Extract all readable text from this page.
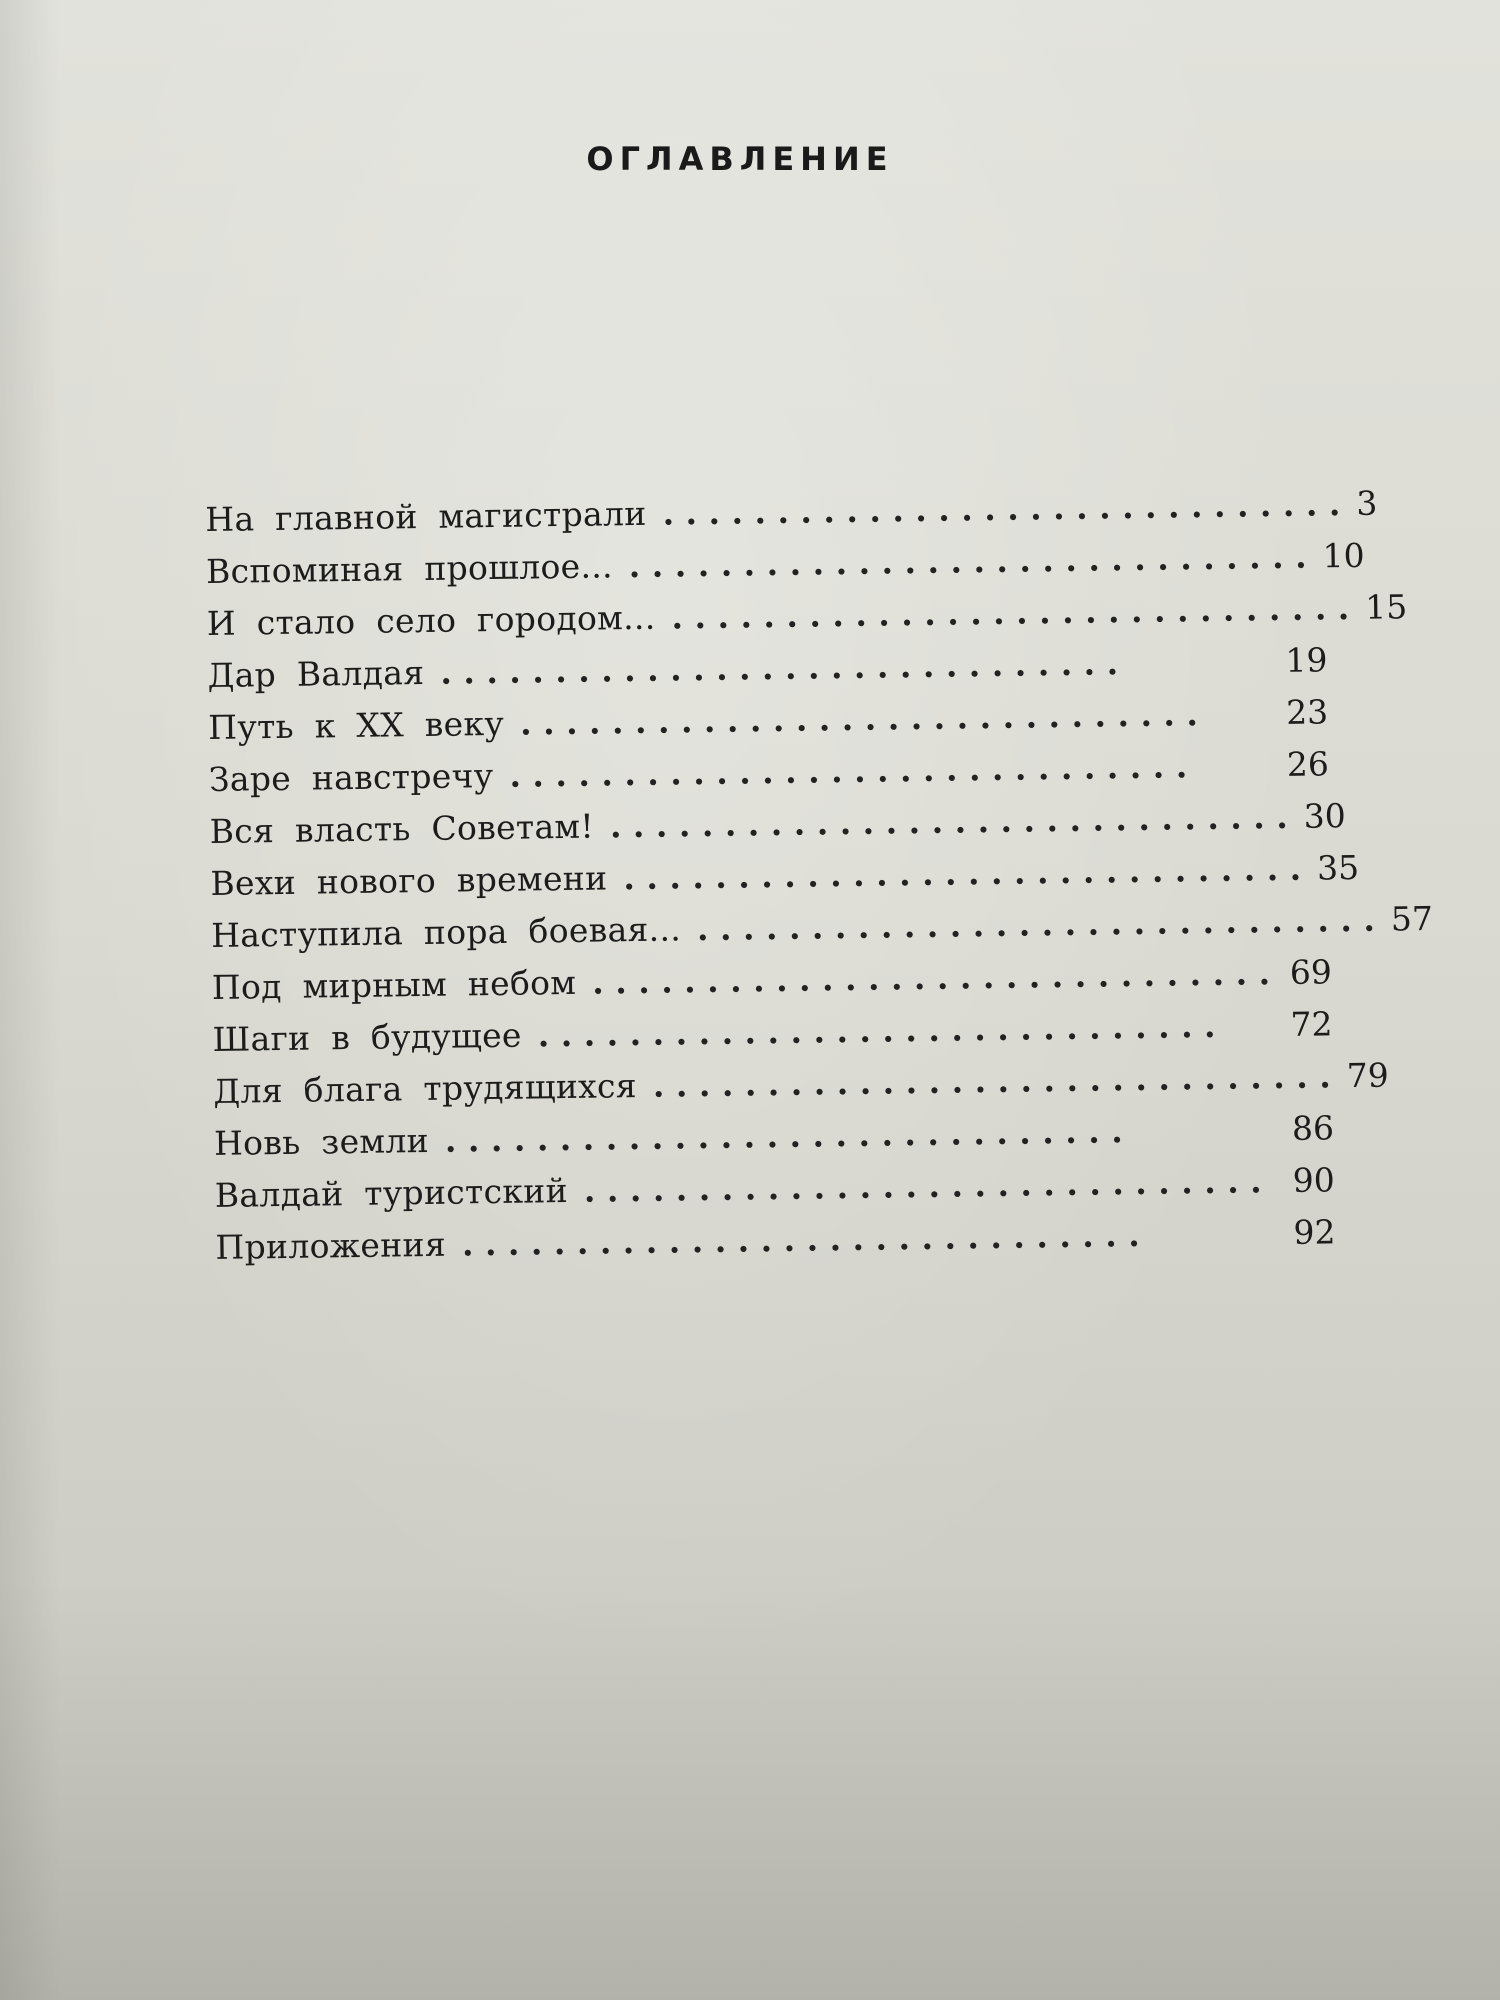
ОГЛАВЛЕНИЕ
На главной магистрали . . . . . . . . . . . . . . . . . . . . . . . . . . . . . . 3
Вспоминая прошлое... . . . . . . . . . . . . . . . . . . . . . . . . . . . . . . 10
И стало село городом... . . . . . . . . . . . . . . . . . . . . . . . . . . . . . . 15
Дар Валдая . . . . . . . . . . . . . . . . . . . . . . . . . . . . . .	19
Путь к XX веку . . . . . . . . . . . . . . . . . . . . . . . . . . . . . .	23
Заре навстречу . . . . . . . . . . . . . . . . . . . . . . . . . . . . . .	26
Вся власть Советам! . . . . . . . . . . . . . . . . . . . . . . . . . . . . . . 30
Вехи нового времени . . . . . . . . . . . . . . . . . . . . . . . . . . . . . . 35
Наступила пора боевая... . . . . . . . . . . . . . . . . . . . . . . . . . . . . . . 57
Под мирным небом . . . . . . . . . . . . . . . . . . . . . . . . . . . . . . 69
Шаги в будущее . . . . . . . . . . . . . . . . . . . . . . . . . . . . . .	72
Для блага трудящихся . . . . . . . . . . . . . . . . . . . . . . . . . . . . . . 79
Новь земли . . . . . . . . . . . . . . . . . . . . . . . . . . . . . .	86
Валдай туристский . . . . . . . . . . . . . . . . . . . . . . . . . . . . . . 90
Приложения . . . . . . . . . . . . . . . . . . . . . . . . . . . . . .	92
